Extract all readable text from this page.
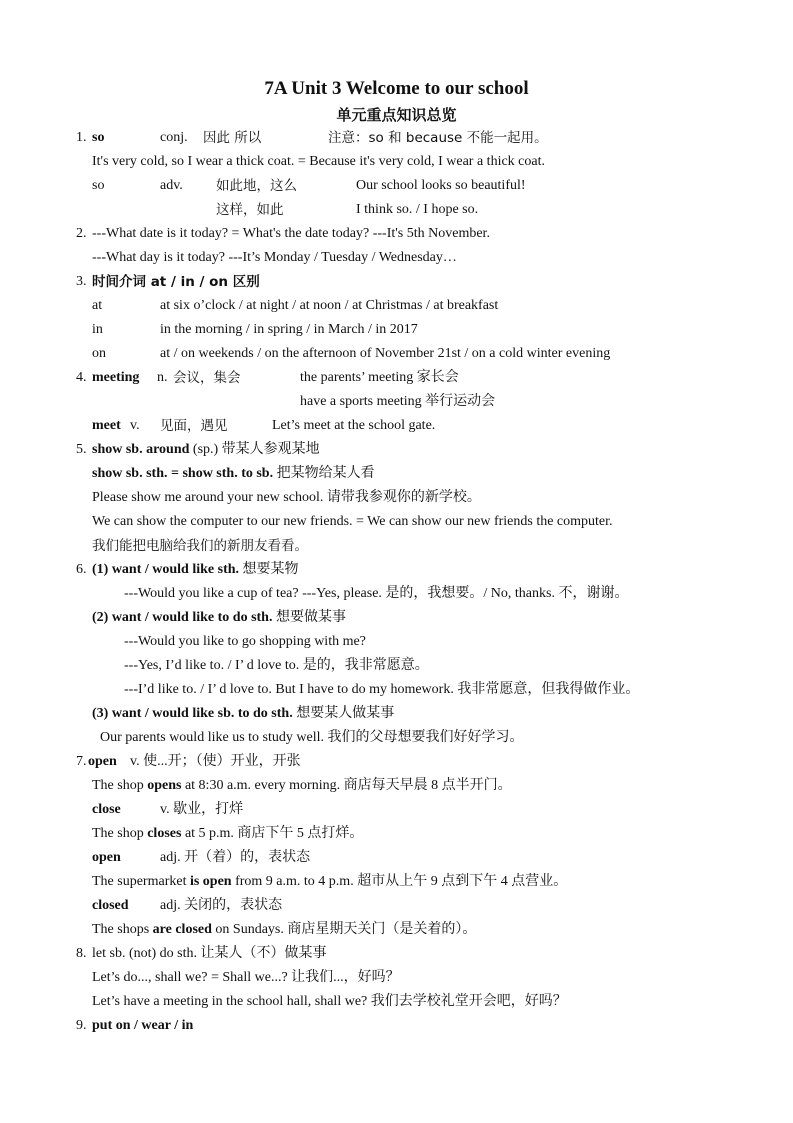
7A Unit 3 Welcome to our school
单元重点知识总览
1. so	conj. 因此 所以	注意：so 和 because 不能一起用。
It's very cold, so I wear a thick coat. = Because it's very cold, I wear a thick coat.
so	adv. 如此地，这么	Our school looks so beautiful!
这样，如此	I think so. / I hope so.
2. ---What date is it today? = What's the date today? ---It's 5th November.
---What day is it today? ---It’s Monday / Tuesday / Wednesday…
3. 时间介词 at / in / on 区别
at	at six o’clock / at night / at noon / at Christmas / at breakfast
in	in the morning / in spring / in March / in 2017
on	at / on weekends / on the afternoon of November 21st / on a cold winter evening
4. meeting n. 会议，集会	the parents’ meeting 家长会
have a sports meeting 举行运动会
meet v. 见面，遇见	Let’s meet at the school gate.
5. show sb. around (sp.) 带某人参观某地
show sb. sth. = show sth. to sb. 把某物给某人看
Please show me around your new school. 请带我参观你的新学校。
We can show the computer to our new friends. = We can show our new friends the computer.
我们能把电脑给我们的新朋友看看。
6. (1) want / would like sth. 想要某物
---Would you like a cup of tea? ---Yes, please. 是的，我想要。/ No, thanks. 不，谢谢。
(2) want / would like to do sth. 想要做某事
---Would you like to go shopping with me?
---Yes, I’d like to. / I’ d love to. 是的，我非常愿意。
---I’d like to. / I’ d love to. But I have to do my homework. 我非常愿意，但我得做作业。
(3) want / would like sb. to do sth. 想要某人做某事
Our parents would like us to study well. 我们的父母想要我们好好学习。
7. open v. 使...开；（使）开业，开张
The shop opens at 8:30 a.m. every morning. 商店每天早晨 8 点半开门。
close	v. 歇业，打烊
The shop closes at 5 p.m. 商店下午 5 点打烊。
open	adj. 开（着）的，表状态
The supermarket is open from 9 a.m. to 4 p.m. 超市从上午 9 点到下午 4 点营业。
closed adj. 关闭的，表状态
The shops are closed on Sundays. 商店星期天关门（是关着的）。
8. let sb. (not) do sth. 让某人（不）做某事
Let’s do..., shall we? = Shall we...? 让我们...，好吗？
Let’s have a meeting in the school hall, shall we? 我们去学校礼堂开会吧，好吗？
9. put on / wear / in
